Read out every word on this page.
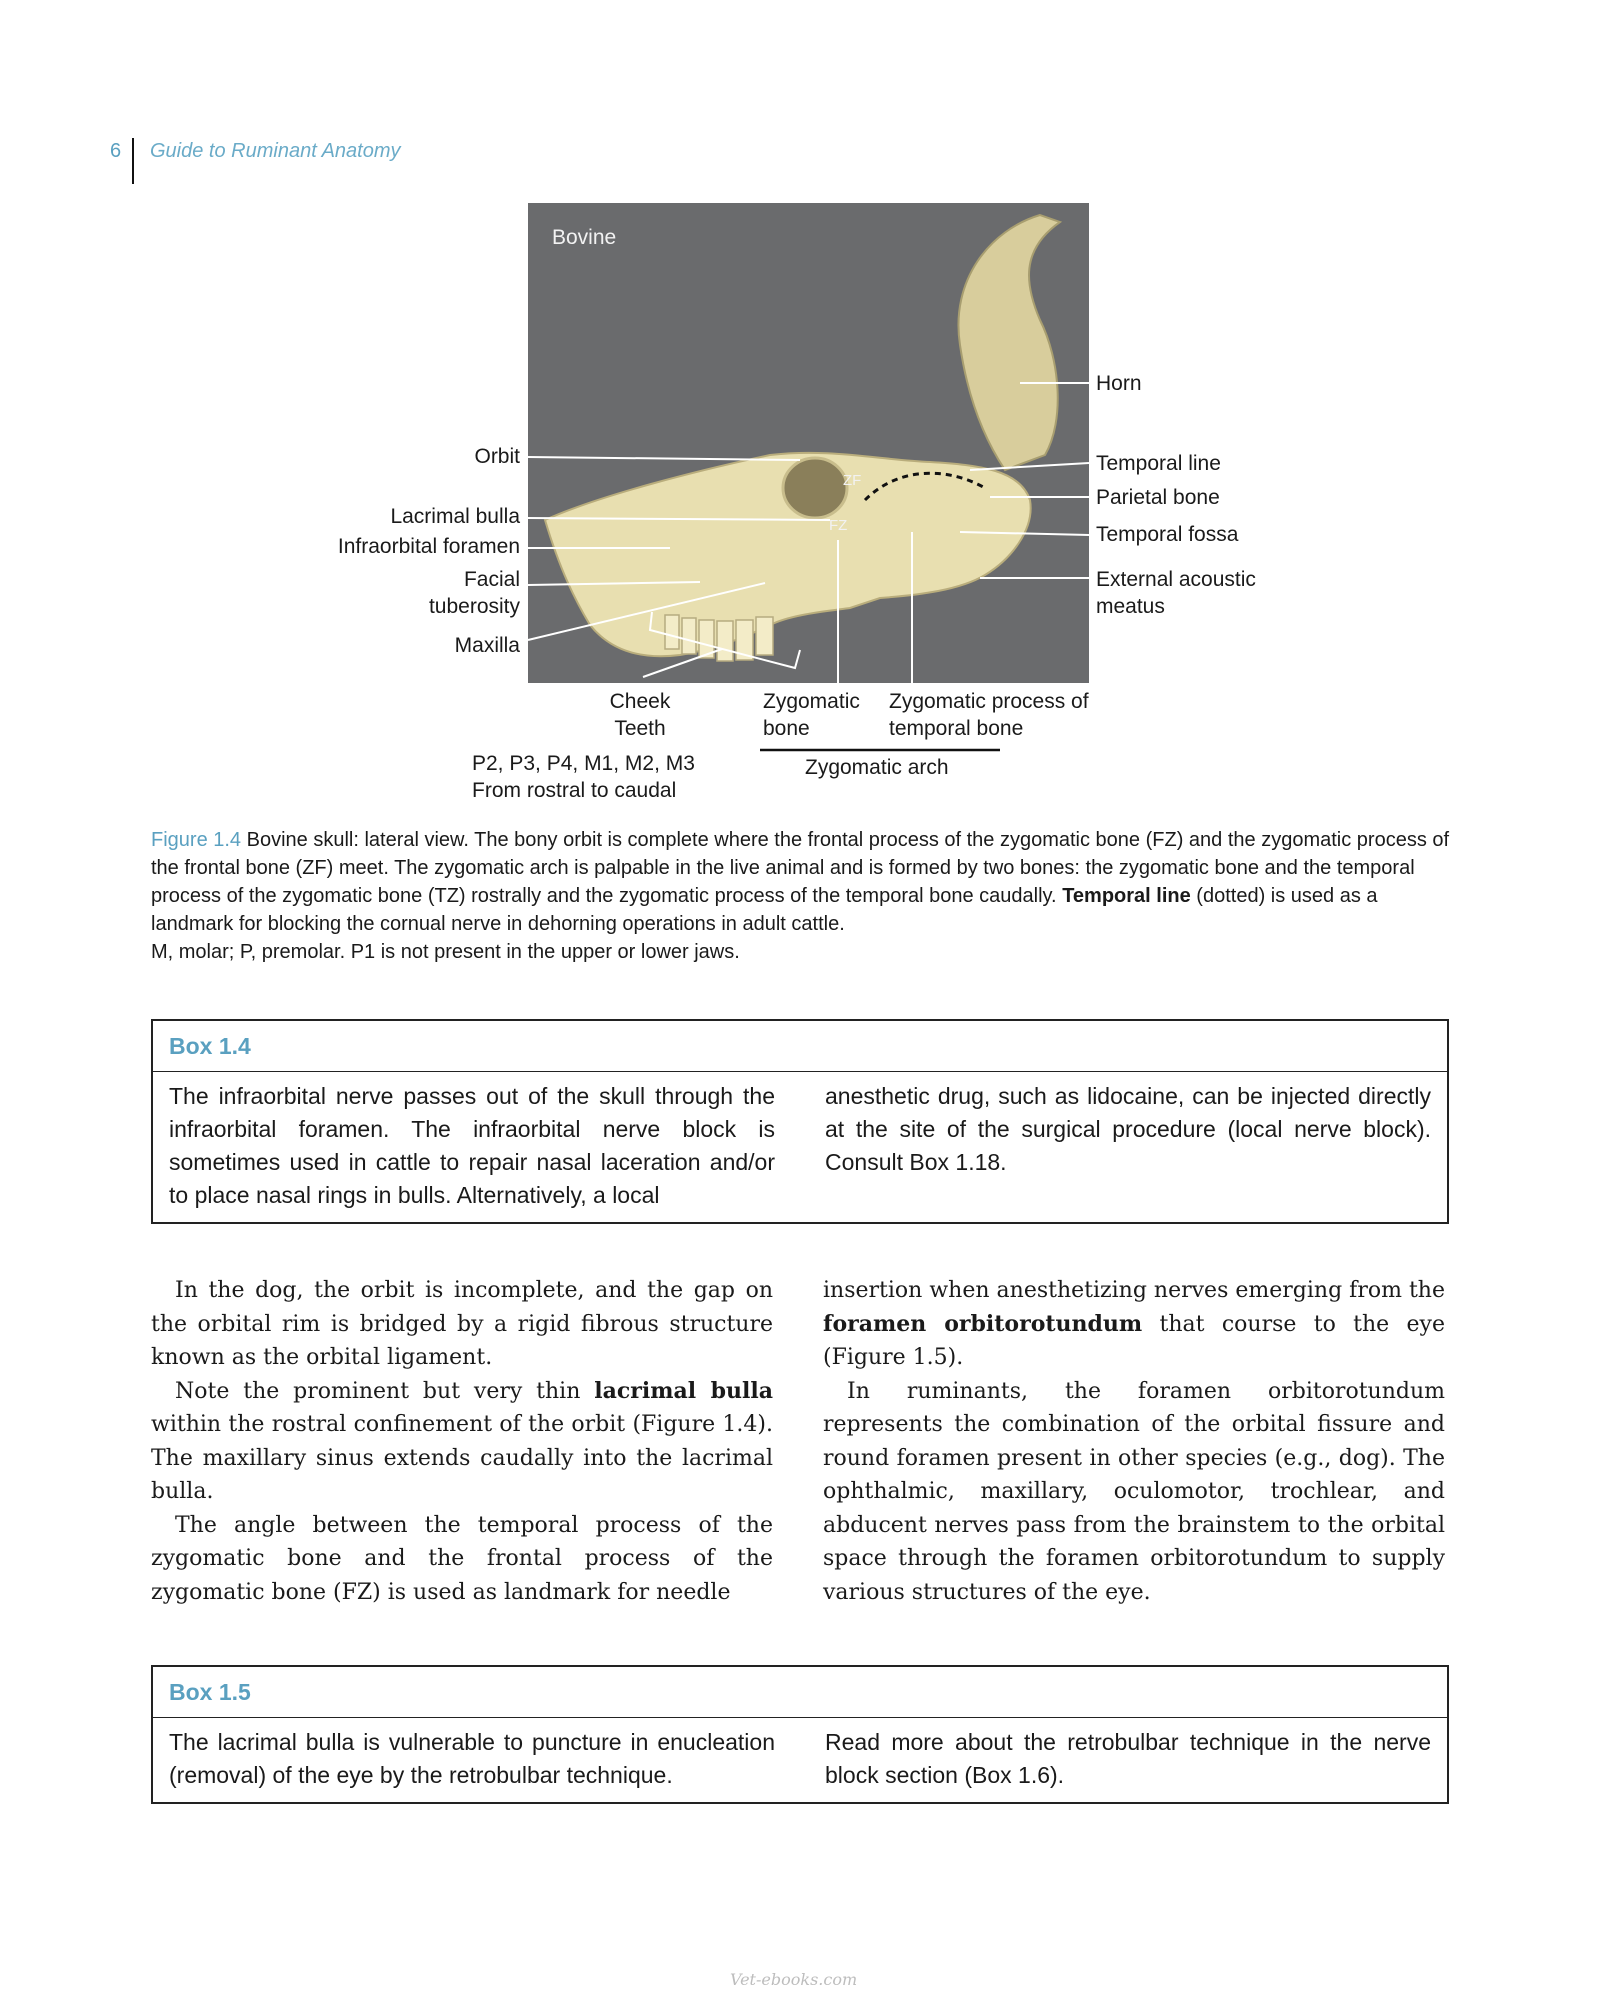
6 Guide to Ruminant Anatomy
Bovine
ZF
FZ
Horn
Orbit	Temporal line
Parietal bone
Lacrimal bulla
Infraorbital foramen
Temporal fossa
Facial
tuberosity
External acoustic
meatus
Maxilla
Cheek
Teeth
Zygomatic
bone
Zygomatic process of
temporal bone
P2, P3, P4, M1, M2, M3
From rostral to caudal
Zygomatic arch
Figure 1.4 Bovine skull: lateral view. The bony orbit is complete where the frontal process of the zygomatic bone (FZ) and the zygomatic process of the frontal bone (ZF) meet. The zygomatic arch is palpable in the live animal and is formed by two bones: the zygomatic bone and the temporal process of the zygomatic bone (TZ) rostrally and the zygomatic process of the temporal bone caudally. Temporal line (dotted) is used as a landmark for blocking the cornual nerve in dehorning operations in adult cattle.
M, molar; P, premolar. P1 is not present in the upper or lower jaws.
Box 1.4
The infraorbital nerve passes out of the skull through the infraorbital foramen. The infraorbital nerve block is sometimes used in cattle to repair nasal laceration and/or to place nasal rings in bulls. Alternatively, a local
anesthetic drug, such as lidocaine, can be injected directly at the site of the surgical procedure (local nerve block). Consult Box 1.18.

In the dog, the orbit is incomplete, and the gap on the orbital rim is bridged by a rigid fibrous structure known as the orbital ligament.

Note the prominent but very thin lacrimal bulla within the rostral confinement of the orbit (Figure 1.4). The maxillary sinus extends caudally into the lacrimal bulla.

The angle between the temporal process of the zygomatic bone and the frontal process of the zygomatic bone (FZ) is used as landmark for needle

insertion when anesthetizing nerves emerging from the foramen orbitorotundum that course to the eye (Figure 1.5).

In ruminants, the foramen orbitorotundum represents the combination of the orbital fissure and round foramen present in other species (e.g., dog). The ophthalmic, maxillary, oculomotor, trochlear, and abducent nerves pass from the brainstem to the orbital space through the foramen orbitorotundum to supply various structures of the eye.

Box 1.5
The lacrimal bulla is vulnerable to puncture in enucleation (removal) of the eye by the retrobulbar technique.
Read more about the retrobulbar technique in the nerve block section (Box 1.6).
Vet-ebooks.com
